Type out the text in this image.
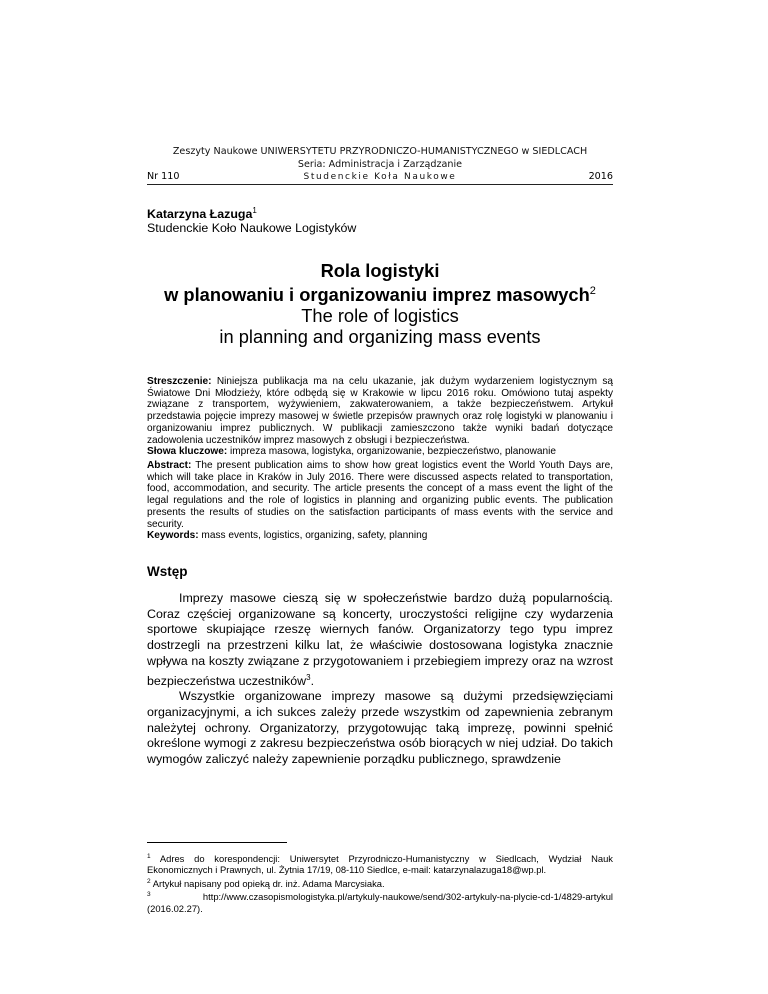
Zeszyty Naukowe UNIWERSYTETU PRZYRODNICZO-HUMANISTYCZNEGO w SIEDLCACH
Seria: Administracja i Zarządzanie
Studenckie Koła Naukowe
Nr 110	2016
Katarzyna Łazuga$^1$
Studenckie Koło Naukowe Logistyków
Rola logistyki
w planowaniu i organizowaniu imprez masowych$^2$
The role of logistics
in planning and organizing mass events
Streszczenie: Niniejsza publikacja ma na celu ukazanie, jak dużym wydarzeniem logistycznym są Światowe Dni Młodzieży, które odbędą się w Krakowie w lipcu 2016 roku. Omówiono tutaj aspekty związane z transportem, wyżywieniem, zakwaterowaniem, a także bezpieczeństwem. Artykuł przedstawia pojęcie imprezy masowej w świetle przepisów prawnych oraz rolę logistyki w planowaniu i organizowaniu imprez publicznych. W publikacji zamieszczono także wyniki badań dotyczące zadowolenia uczestników imprez masowych z obsługi i bezpieczeństwa.
Słowa kluczowe: impreza masowa, logistyka, organizowanie, bezpieczeństwo, planowanie
Abstract: The present publication aims to show how great logistics event the World Youth Days are, which will take place in Kraków in July 2016. There were discussed aspects related to transportation, food, accommodation, and security. The article presents the concept of a mass event the light of the legal regulations and the role of logistics in planning and organizing public events. The publication presents the results of studies on the satisfaction participants of mass events with the service and security.
Keywords: mass events, logistics, organizing, safety, planning
Wstęp

Imprezy masowe cieszą się w społeczeństwie bardzo dużą popularnością. Coraz częściej organizowane są koncerty, uroczystości religijne czy wydarzenia sportowe skupiające rzeszę wiernych fanów. Organizatorzy tego typu imprez dostrzegli na przestrzeni kilku lat, że właściwie dostosowana logistyka znacznie wpływa na koszty związane z przygotowaniem i przebiegiem imprezy oraz na wzrost bezpieczeństwa uczestników$^3$.

Wszystkie organizowane imprezy masowe są dużymi przedsięwzięciami organizacyjnymi, a ich sukces zależy przede wszystkim od zapewnienia zebranym należytej ochrony. Organizatorzy, przygotowując taką imprezę, powinni spełnić określone wymogi z zakresu bezpieczeństwa osób biorących w niej udział. Do takich wymogów zaliczyć należy zapewnienie porządku publicznego, sprawdzenie

$^1$ Adres do korespondencji: Uniwersytet Przyrodniczo-Humanistyczny w Siedlcach, Wydział Nauk Ekonomicznych i Prawnych, ul. Żytnia 17/19, 08-110 Siedlce, e-mail: katarzynalazuga18@wp.pl.
$^2$ Artykuł napisany pod opieką dr. inż. Adama Marcysiaka.
$^3$ http://www.czasopismologistyka.pl/artykuly-naukowe/send/302-artykuly-na-plycie-cd-1/4829-artykul (2016.02.27).
